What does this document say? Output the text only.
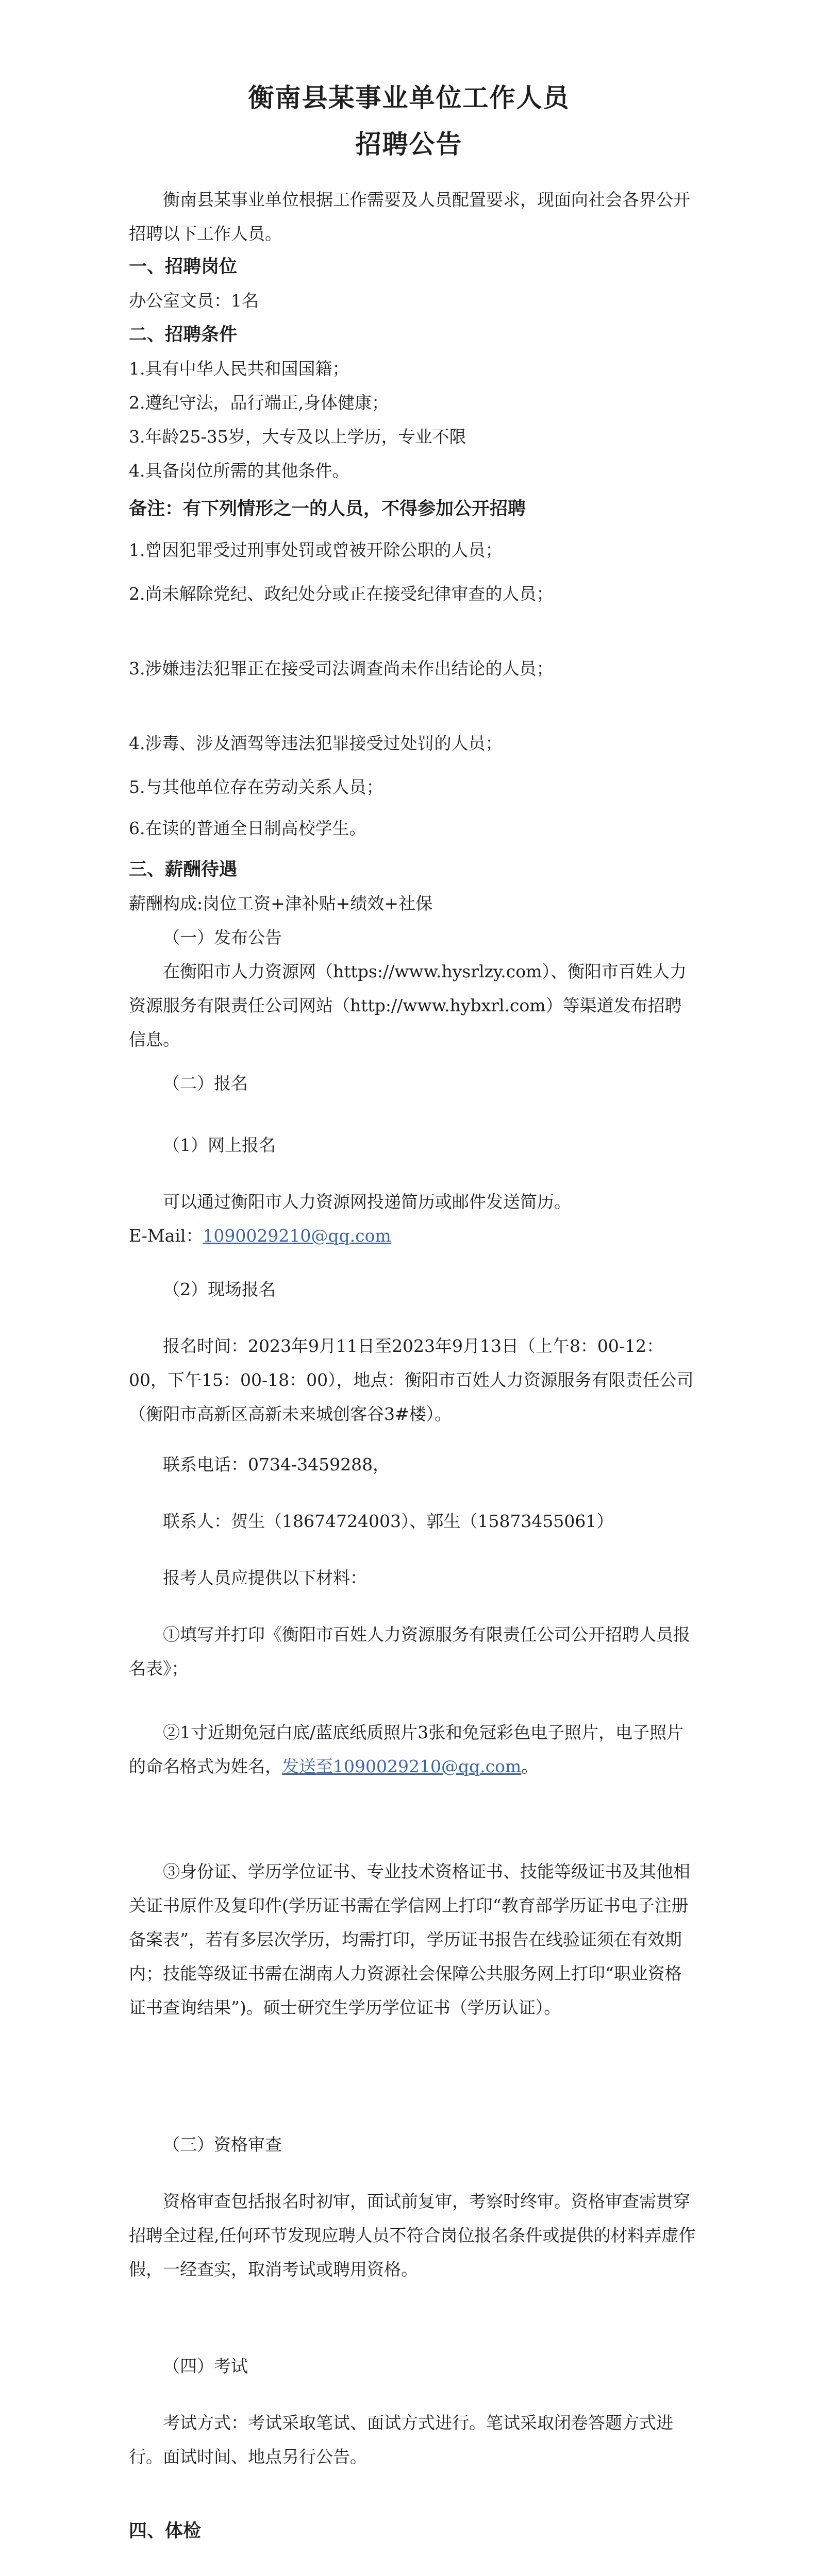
衡南县某事业单位工作人员
招聘公告

衡南县某事业单位根据工作需要及人员配置要求，现面向社会各界公开招聘以下工作人员。

一、招聘岗位

办公室文员：1名

二、招聘条件

1.具有中华人民共和国国籍；

2.遵纪守法，品行端正,身体健康；

3.年龄25-35岁，大专及以上学历，专业不限

4.具备岗位所需的其他条件。

备注：有下列情形之一的人员，不得参加公开招聘

1.曾因犯罪受过刑事处罚或曾被开除公职的人员；

2.尚未解除党纪、政纪处分或正在接受纪律审查的人员；

3.涉嫌违法犯罪正在接受司法调查尚未作出结论的人员；

4.涉毒、涉及酒驾等违法犯罪接受过处罚的人员；

5.与其他单位存在劳动关系人员；

6.在读的普通全日制高校学生。

三、薪酬待遇

薪酬构成:岗位工资+津补贴+绩效+社保

（一）发布公告

在衡阳市人力资源网（https://www.hysrlzy.com）、衡阳市百姓人力资源服务有限责任公司网站（http://www.hybxrl.com）等渠道发布招聘信息。

（二）报名

（1）网上报名

可以通过衡阳市人力资源网投递简历或邮件发送简历。

E-Mail：1090029210@qq.com

（2）现场报名

报名时间：2023年9月11日至2023年9月13日（上午8：00-12：00，下午15：00-18：00），地点：衡阳市百姓人力资源服务有限责任公司（衡阳市高新区高新未来城创客谷3#楼）。

联系电话：0734-3459288，

联系人：贺生（18674724003）、郭生（15873455061）

报考人员应提供以下材料：

①填写并打印《衡阳市百姓人力资源服务有限责任公司公开招聘人员报名表》；

②1寸近期免冠白底/蓝底纸质照片3张和免冠彩色电子照片，电子照片的命名格式为姓名，发送至1090029210@qq.com。

③身份证、学历学位证书、专业技术资格证书、技能等级证书及其他相关证书原件及复印件(学历证书需在学信网上打印“教育部学历证书电子注册备案表”，若有多层次学历，均需打印，学历证书报告在线验证须在有效期内；技能等级证书需在湖南人力资源社会保障公共服务网上打印“职业资格证书查询结果”)。硕士研究生学历学位证书（学历认证）。

（三）资格审查

资格审查包括报名时初审，面试前复审，考察时终审。资格审查需贯穿招聘全过程,任何环节发现应聘人员不符合岗位报名条件或提供的材料弄虚作假，一经查实，取消考试或聘用资格。

（四）考试

考试方式：考试采取笔试、面试方式进行。笔试采取闭卷答题方式进行。面试时间、地点另行公告。

四、体检
